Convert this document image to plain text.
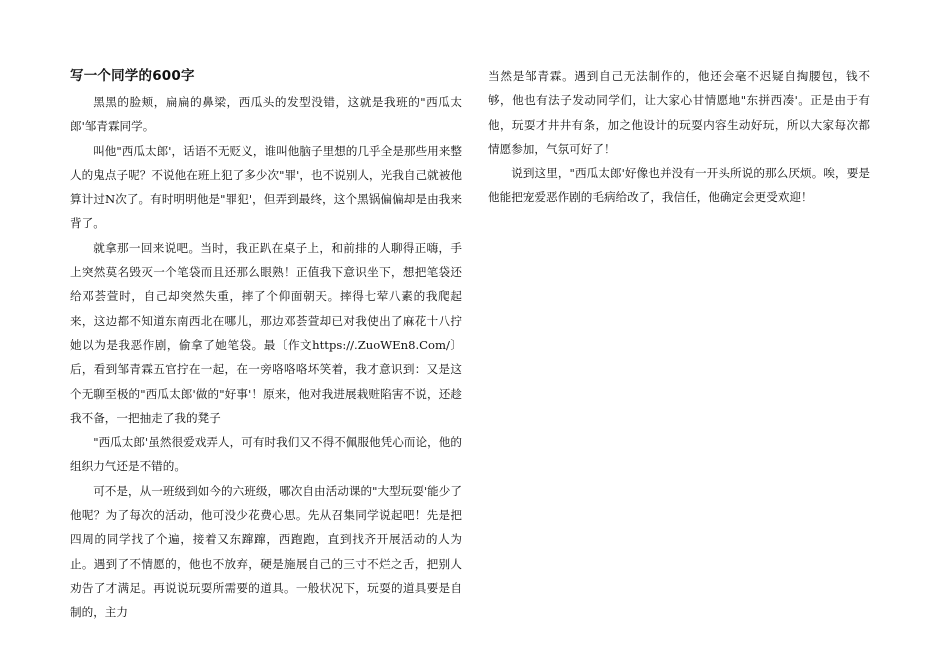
写一个同学的600字

黑黑的脸颊，扁扁的鼻梁，西瓜头的发型没错，这就是我班的"西瓜太郎'邹青霖同学。

叫他"西瓜太郎'，话语不无贬义，谁叫他脑子里想的几乎全是那些用来整人的鬼点子呢？不说他在班上犯了多少次"罪'，也不说别人，光我自己就被他算计过N次了。有时明明他是"罪犯'，但弄到最终，这个黑锅偏偏却是由我来背了。

就拿那一回来说吧。当时，我正趴在桌子上，和前排的人聊得正嗨，手上突然莫名毁灭一个笔袋而且还那么眼熟！正值我下意识坐下，想把笔袋还给邓荟萱时，自己却突然失重，摔了个仰面朝天。摔得七荤八素的我爬起来，这边都不知道东南西北在哪儿，那边邓荟萱却已对我使出了麻花十八拧她以为是我恶作剧，偷拿了她笔袋。最〔作文https://.ZuoWEn8.Com/〕后，看到邹青霖五官拧在一起，在一旁咯咯咯坏笑着，我才意识到：又是这个无聊至极的"西瓜太郎'做的"好事'！原来，他对我进展栽赃陷害不说，还趁我不备，一把抽走了我的凳子

"西瓜太郎'虽然很爱戏弄人，可有时我们又不得不佩服他凭心而论，他的组织力气还是不错的。

可不是，从一班级到如今的六班级，哪次自由活动课的"大型玩耍'能少了他呢？为了每次的活动，他可没少花费心思。先从召集同学说起吧！先是把四周的同学找了个遍，接着又东蹿蹿，西跑跑，直到找齐开展活动的人为止。遇到了不情愿的，他也不放弃，硬是施展自己的三寸不烂之舌，把别人劝告了才满足。再说说玩耍所需要的道具。一般状况下，玩耍的道具要是自制的，主力

当然是邹青霖。遇到自己无法制作的，他还会毫不迟疑自掏腰包，钱不够，他也有法子发动同学们，让大家心甘情愿地"东拼西凑'。正是由于有他，玩耍才井井有条，加之他设计的玩耍内容生动好玩，所以大家每次都情愿参加，气氛可好了！

说到这里，"西瓜太郎'好像也并没有一开头所说的那么厌烦。唉，要是他能把宠爱恶作剧的毛病给改了，我信任，他确定会更受欢迎！
